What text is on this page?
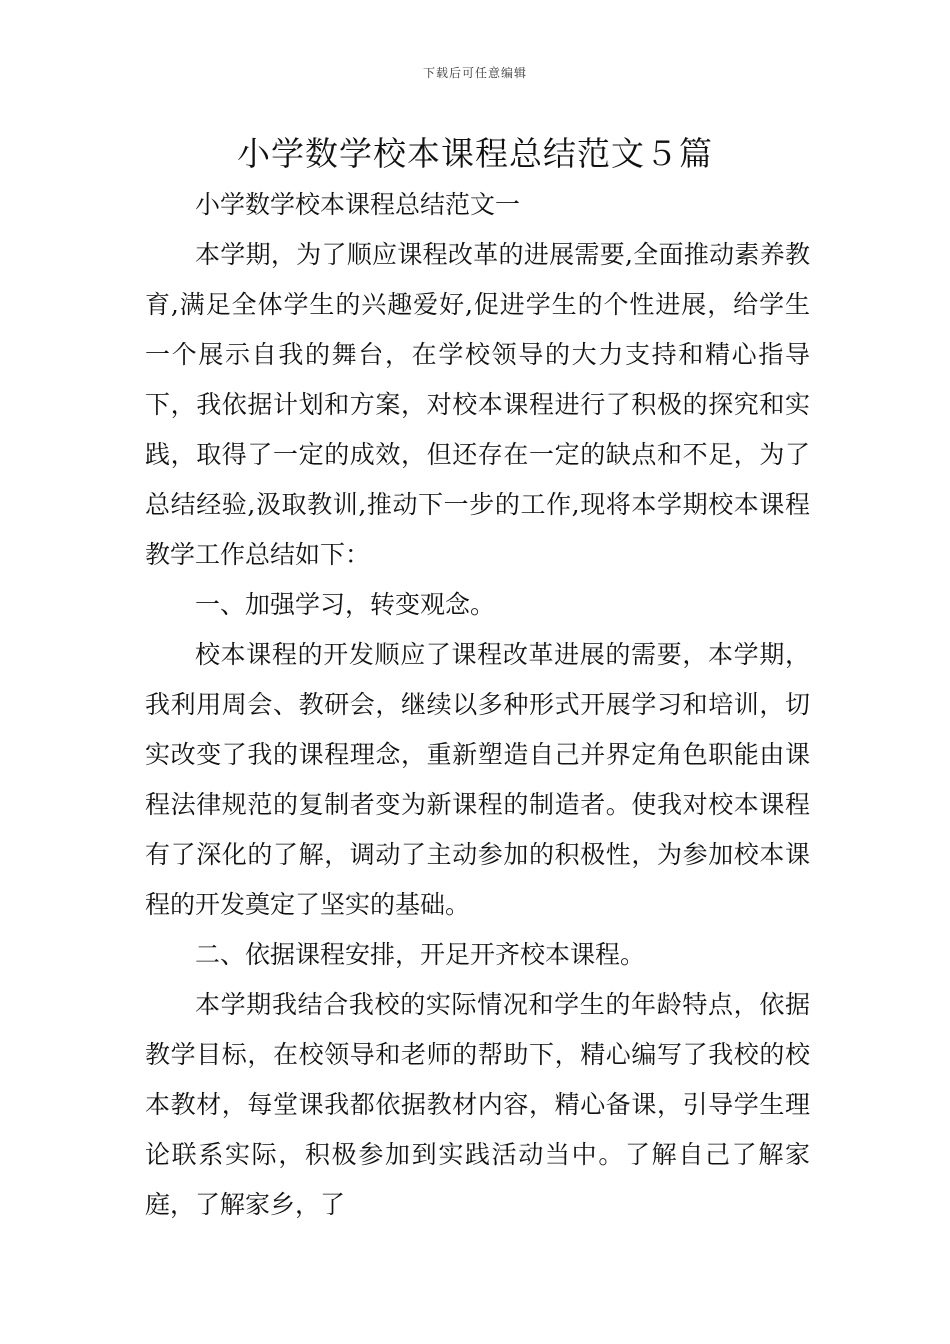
下载后可任意编辑
小学数学校本课程总结范文５篇

小学数学校本课程总结范文一

本学期，为了顺应课程改革的进展需要,全面推动素养教育,满足全体学生的兴趣爱好,促进学生的个性进展，给学生一个展示自我的舞台，在学校领导的大力支持和精心指导下，我依据计划和方案，对校本课程进行了积极的探究和实践，取得了一定的成效，但还存在一定的缺点和不足，为了总结经验,汲取教训,推动下一步的工作,现将本学期校本课程教学工作总结如下：

一、加强学习，转变观念。

校本课程的开发顺应了课程改革进展的需要，本学期，我利用周会、教研会，继续以多种形式开展学习和培训，切实改变了我的课程理念，重新塑造自己并界定角色职能由课程法律规范的复制者变为新课程的制造者。使我对校本课程有了深化的了解，调动了主动参加的积极性，为参加校本课程的开发奠定了坚实的基础。

二、依据课程安排，开足开齐校本课程。

本学期我结合我校的实际情况和学生的年龄特点，依据教学目标，在校领导和老师的帮助下，精心编写了我校的校本教材，每堂课我都依据教材内容，精心备课，引导学生理论联系实际，积极参加到实践活动当中。了解自己了解家庭，了解家乡，了
